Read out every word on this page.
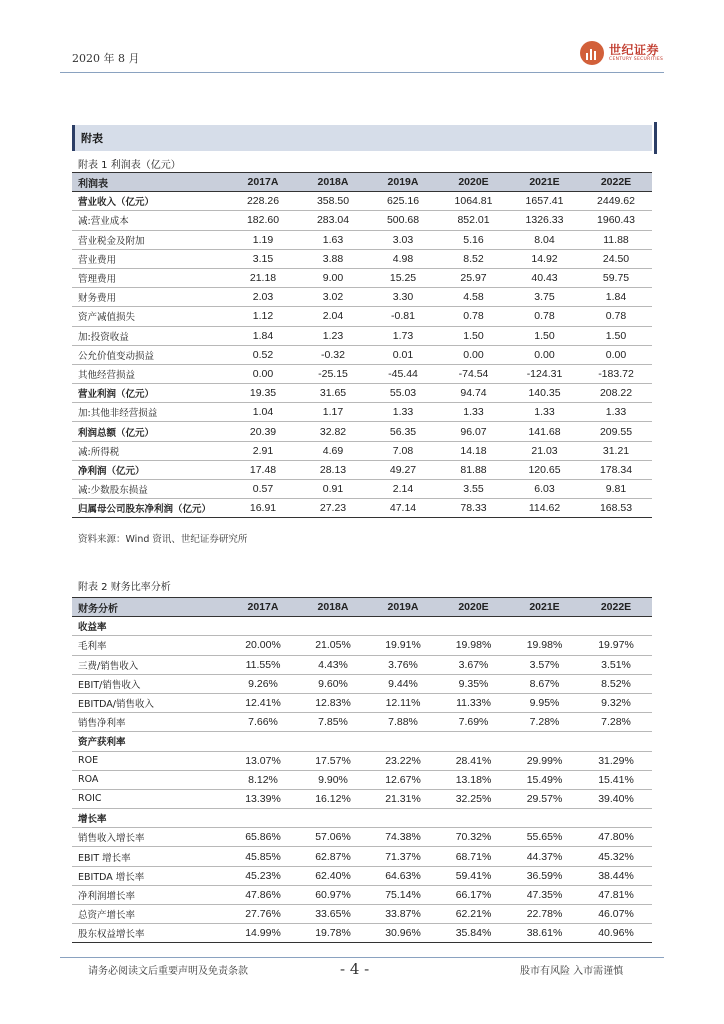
2020 年 8 月
世纪证券
CENTURY SECURITIES
附表
附表 1 利润表（亿元）
利润表	2017A	2018A	2019A	2020E	2021E	2022E
营业收入（亿元）	228.26	358.50	625.16	1064.81	1657.41	2449.62
减:营业成本	182.60	283.04	500.68	852.01	1326.33	1960.43
营业税金及附加	1.19	1.63	3.03	5.16	8.04	11.88
营业费用	3.15	3.88	4.98	8.52	14.92	24.50
管理费用	21.18	9.00	15.25	25.97	40.43	59.75
财务费用	2.03	3.02	3.30	4.58	3.75	1.84
资产减值损失	1.12	2.04	-0.81	0.78	0.78	0.78
加:投资收益	1.84	1.23	1.73	1.50	1.50	1.50
公允价值变动损益	0.52	-0.32	0.01	0.00	0.00	0.00
其他经营损益	0.00	-25.15	-45.44	-74.54	-124.31	-183.72
营业利润（亿元）	19.35	31.65	55.03	94.74	140.35	208.22
加:其他非经营损益	1.04	1.17	1.33	1.33	1.33	1.33
利润总额（亿元）	20.39	32.82	56.35	96.07	141.68	209.55
减:所得税	2.91	4.69	7.08	14.18	21.03	31.21
净利润（亿元）	17.48	28.13	49.27	81.88	120.65	178.34
减:少数股东损益	0.57	0.91	2.14	3.55	6.03	9.81
归属母公司股东净利润（亿元）	16.91	27.23	47.14	78.33	114.62	168.53
资料来源：Wind 资讯、世纪证券研究所
附表 2 财务比率分析
财务分析	2017A	2018A	2019A	2020E	2021E	2022E
收益率						
毛利率	20.00%	21.05%	19.91%	19.98%	19.98%	19.97%
三费/销售收入	11.55%	4.43%	3.76%	3.67%	3.57%	3.51%
EBIT/销售收入	9.26%	9.60%	9.44%	9.35%	8.67%	8.52%
EBITDA/销售收入	12.41%	12.83%	12.11%	11.33%	9.95%	9.32%
销售净利率	7.66%	7.85%	7.88%	7.69%	7.28%	7.28%
资产获利率						
ROE	13.07%	17.57%	23.22%	28.41%	29.99%	31.29%
ROA	8.12%	9.90%	12.67%	13.18%	15.49%	15.41%
ROIC	13.39%	16.12%	21.31%	32.25%	29.57%	39.40%
增长率						
销售收入增长率	65.86%	57.06%	74.38%	70.32%	55.65%	47.80%
EBIT 增长率	45.85%	62.87%	71.37%	68.71%	44.37%	45.32%
EBITDA 增长率	45.23%	62.40%	64.63%	59.41%	36.59%	38.44%
净利润增长率	47.86%	60.97%	75.14%	66.17%	47.35%	47.81%
总资产增长率	27.76%	33.65%	33.87%	62.21%	22.78%	46.07%
股东权益增长率	14.99%	19.78%	30.96%	35.84%	38.61%	40.96%
请务必阅读文后重要声明及免责条款	- 4 -	股市有风险 入市需谨慎
